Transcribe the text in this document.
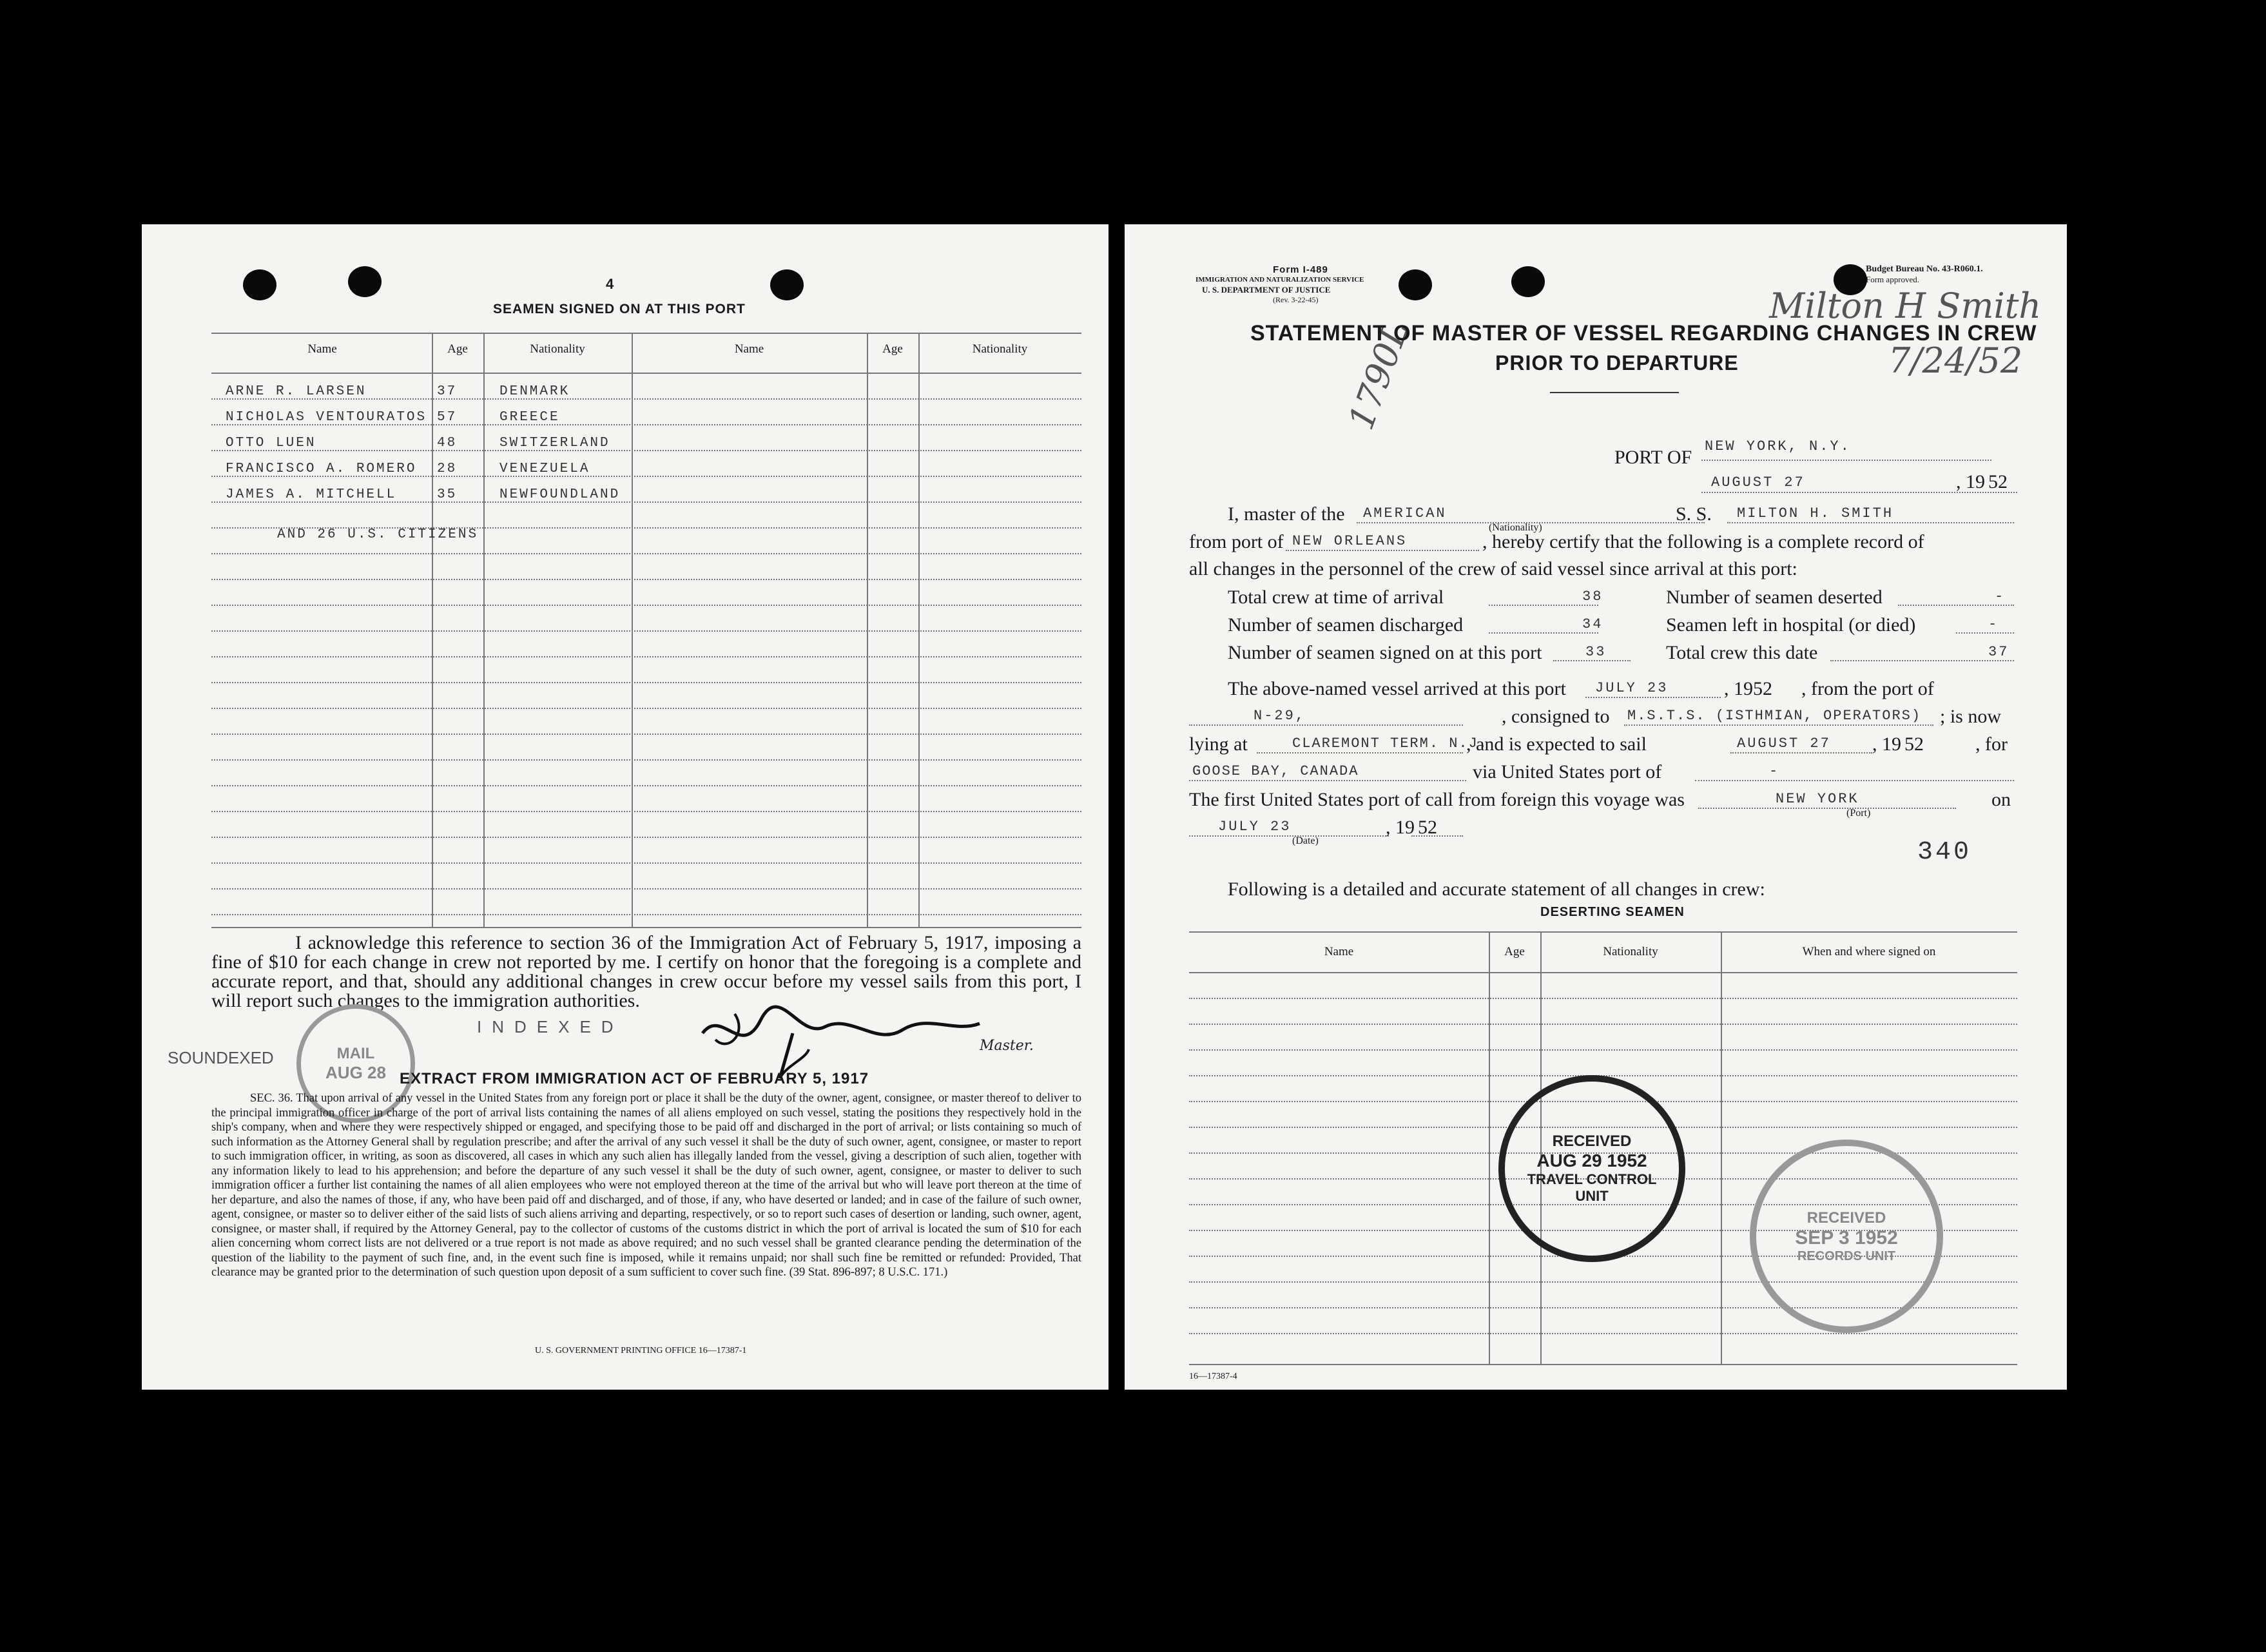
4
SEAMEN SIGNED ON AT THIS PORT
Name	Age	Nationality	Name	Age	Nationality
ARNE R. LARSEN	37	DENMARK
NICHOLAS VENTOURATOS 57	GREECE
OTTO LUEN	48	SWITZERLAND
FRANCISCO A. ROMERO 28	VENEZUELA
JAMES A. MITCHELL	35	NEWFOUNDLAND
AND 26 U.S. CITIZENS
I acknowledge this reference to section 36 of the Immigration Act of February 5, 1917, imposing a fine of $10 for each change in crew not reported by me. I certify on honor that the foregoing is a complete and accurate report, and that, should any additional changes in crew occur before my vessel sails from this port, I will report such changes to the immigration authorities.
Master.
INDEXED
SOUNDEXED	MAIL
AUG 28 EXTRACT FROM IMMIGRATION ACT OF FEBRUARY 5, 1917
SEC. 36. That upon arrival of any vessel in the United States from any foreign port or place it shall be the duty of the owner, agent, consignee, or master thereof to deliver to the principal immigration officer in charge of the port of arrival lists containing the names of all aliens employed on such vessel, stating the positions they respectively hold in the ship's company, when and where they were respectively shipped or engaged, and specifying those to be paid off and discharged in the port of arrival; or lists containing so much of such information as the Attorney General shall by regulation prescribe; and after the arrival of any such vessel it shall be the duty of such owner, agent, consignee, or master to report to such immigration officer, in writing, as soon as discovered, all cases in which any such alien has illegally landed from the vessel, giving a description of such alien, together with any information likely to lead to his apprehension; and before the departure of any such vessel it shall be the duty of such owner, agent, consignee, or master to deliver to such immigration officer a further list containing the names of all alien employees who were not employed thereon at the time of the arrival but who will leave port thereon at the time of her departure, and also the names of those, if any, who have been paid off and discharged, and of those, if any, who have deserted or landed; and in case of the failure of such owner, agent, consignee, or master so to deliver either of the said lists of such aliens arriving and departing, respectively, or so to report such cases of desertion or landing, such owner, agent, consignee, or master shall, if required by the Attorney General, pay to the collector of customs of the customs district in which the port of arrival is located the sum of $10 for each alien concerning whom correct lists are not delivered or a true report is not made as above required; and no such vessel shall be granted clearance pending the determination of the question of the liability to the payment of such fine, and, in the event such fine is imposed, while it remains unpaid; nor shall such fine be remitted or refunded: Provided, That clearance may be granted prior to the determination of such question upon deposit of a sum sufficient to cover such fine. (39 Stat. 896-897; 8 U.S.C. 171.)
U. S. GOVERNMENT PRINTING OFFICE 16—17387-1
Form I-489
IMMIGRATION AND NATURALIZATION SERVICE
U. S. DEPARTMENT OF JUSTICE
(Rev. 3-22-45)
Budget Bureau No. 43-R060.1.
Form approved.
Milton H Smith
7/24/52
1790L
STATEMENT OF MASTER OF VESSEL REGARDING CHANGES IN CREW
PRIOR TO DEPARTURE
PORT OF
NEW YORK, N.Y.
AUGUST 27	, 19 52
I, master of the AMERICAN
(Nationality)
S. S. MILTON H. SMITH
from port of NEW ORLEANS	, hereby certify that the following is a complete record of
all changes in the personnel of the crew of said vessel since arrival at this port:
Total crew at time of arrival	38	Number of seamen deserted	-
Number of seamen discharged	34	Seamen left in hospital (or died)	-
Number of seamen signed on at this port	33	Total crew this date	37
The above-named vessel arrived at this port JULY 23	, 1952 , from the port of
N-29,	, consigned to M.S.T.S. (ISTHMIAN, OPERATORS) ; is now
lying at	CLAREMONT TERM. N.J.
, and is expected to sail	AUGUST 27 , 19 52	, for
GOOSE BAY, CANADA	via United States port of	-
The first United States port of call from foreign this voyage was	NEW YORK
(Port)
on
JULY 23
(Date)
, 19 52
340
Following is a detailed and accurate statement of all changes in crew:
DESERTING SEAMEN
Name	Age	Nationality	When and where signed on
RECEIVED
AUG 29 1952
TRAVEL CONTROL
UNIT
RECEIVED
SEP 3 1952
RECORDS UNIT
16—17387-4
